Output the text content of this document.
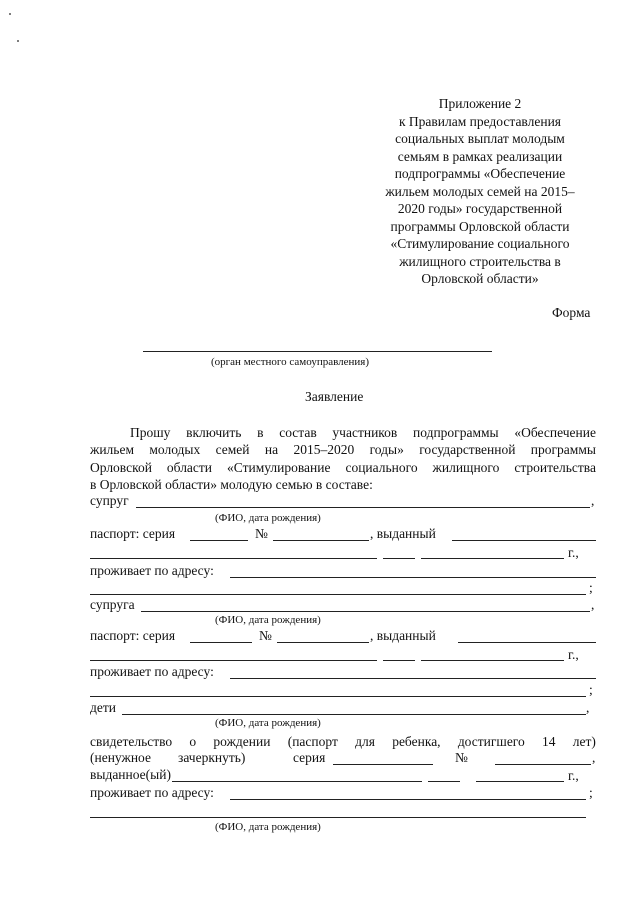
Приложение 2
к Правилам предоставления
социальных выплат молодым
семьям в рамках реализации
подпрограммы «Обеспечение
жильем молодых семей на 2015–
2020 годы» государственной
программы Орловской области
«Стимулирование социального
жилищного строительства в
Орловской области»
Форма
(орган местного самоуправления)
Заявление
Прошу включить в состав участников подпрограммы «Обеспечение
жильем молодых семей на 2015–2020 годы» государственной программы
Орловской области «Стимулирование социального жилищного строительства
в Орловской области» молодую семью в составе:
супруг	,
(ФИО, дата рождения)
паспорт: серия	№	, выданный
г.,
проживает по адресу:
;
супруга	,
(ФИО, дата рождения)
паспорт: серия	№	, выданный
г.,
проживает по адресу:
;
дети	,
(ФИО, дата рождения)
свидетельство о рождении (паспорт для ребенка, достигшего 14 лет)
(ненужное зачеркнуть)	серия	№	,
выданное(ый)	г.,
проживает по адресу:	;
(ФИО, дата рождения)
